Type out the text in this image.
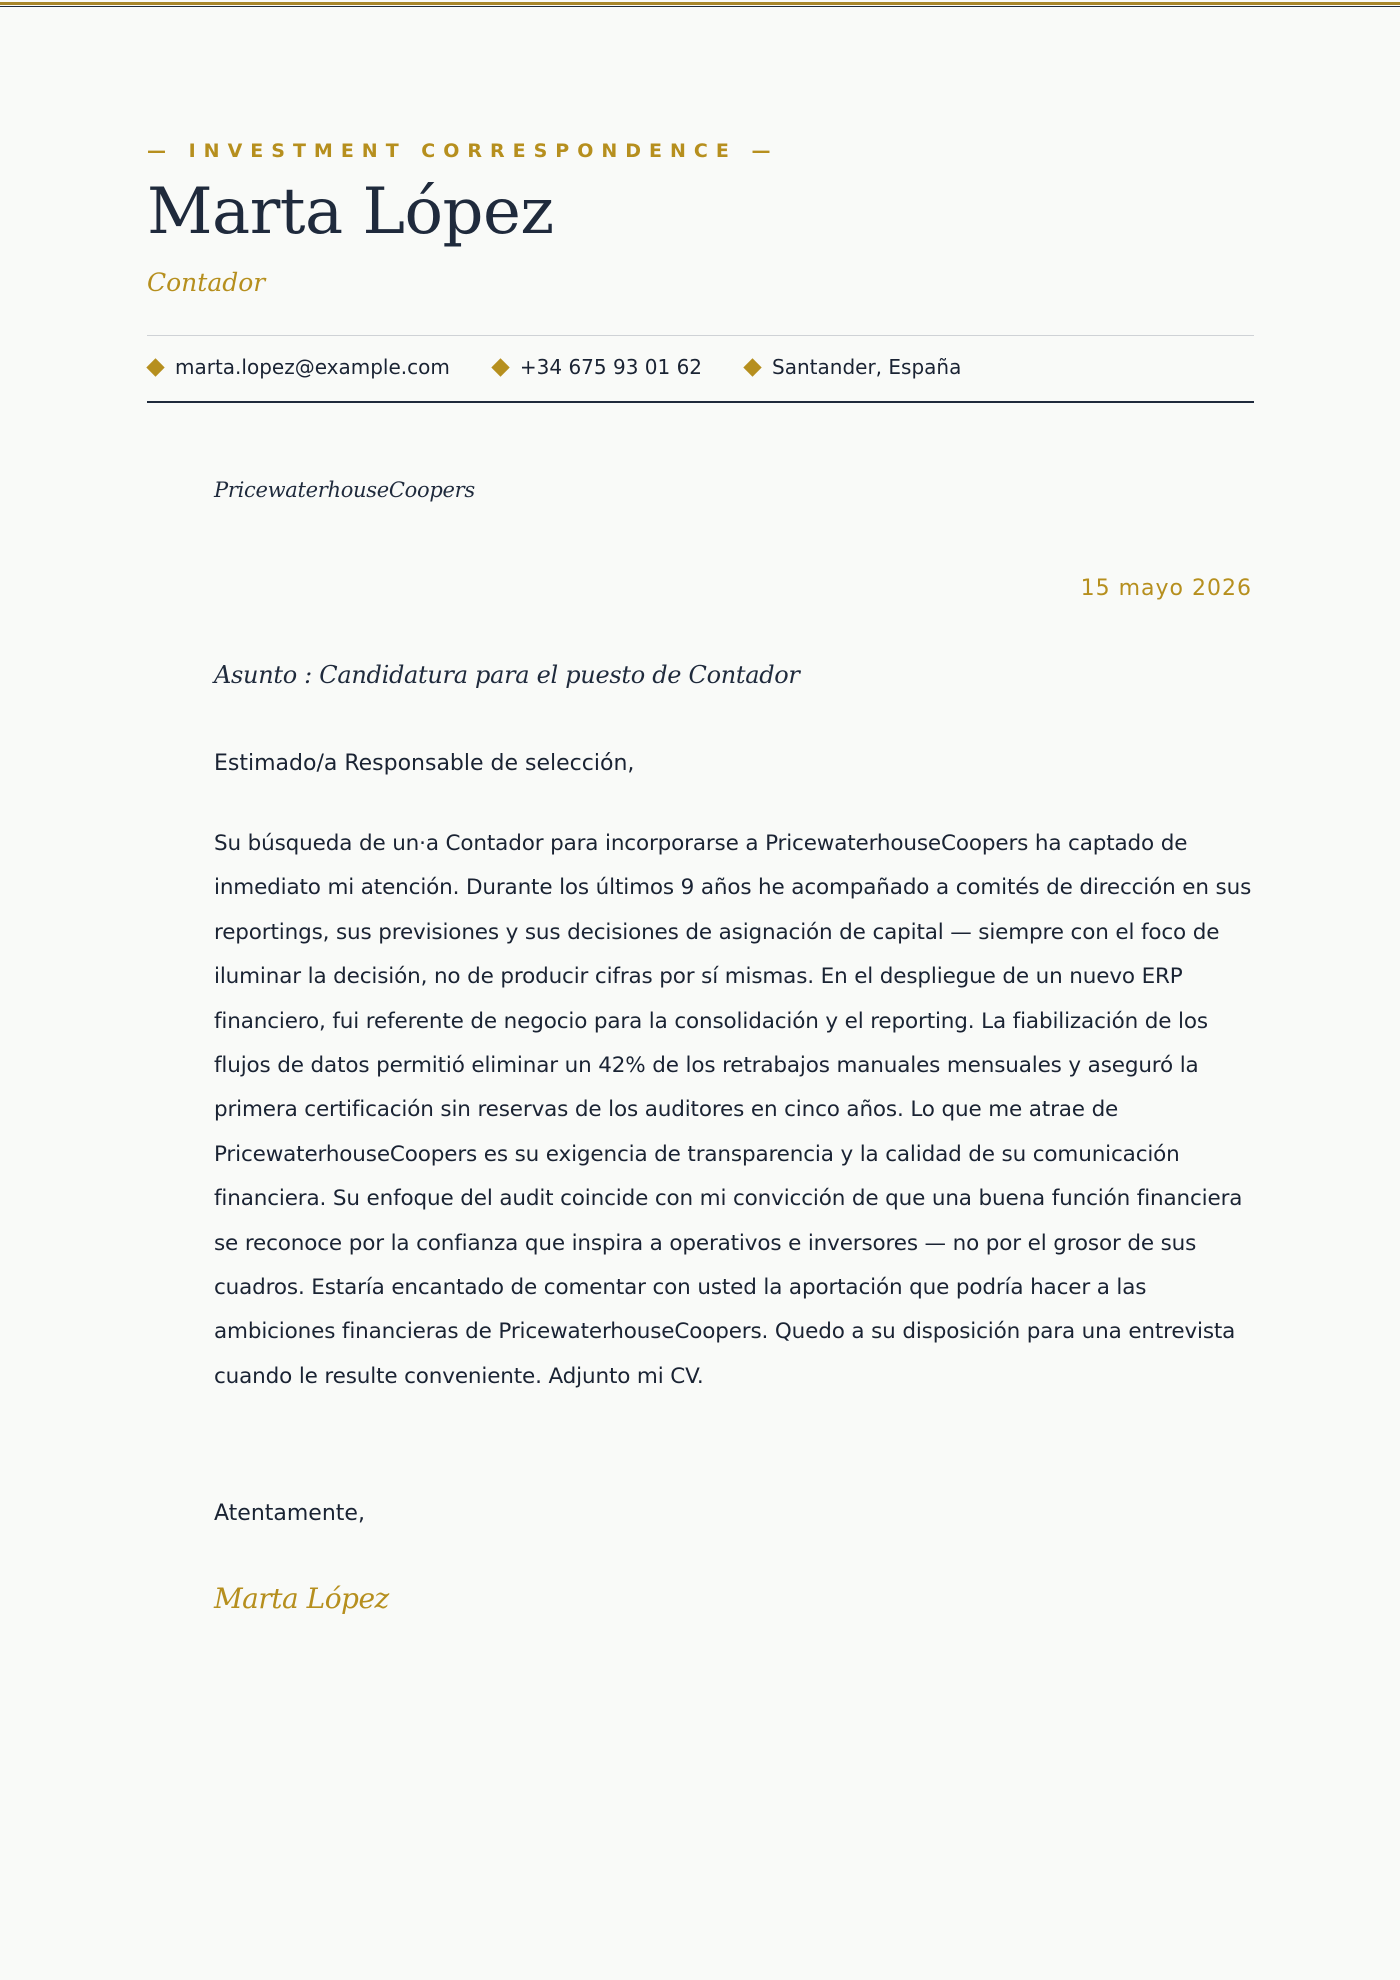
— INVESTMENT CORRESPONDENCE —
Marta López
Contador
marta.lopez@example.com	+34 675 93 01 62	Santander, España
PricewaterhouseCoopers
15 mayo 2026
Asunto : Candidatura para el puesto de Contador
Estimado/a Responsable de selección,
Su búsqueda de un·a Contador para incorporarse a PricewaterhouseCoopers ha captado de inmediato mi atención. Durante los últimos 9 años he acompañado a comités de dirección en sus reportings, sus previsiones y sus decisiones de asignación de capital — siempre con el foco de iluminar la decisión, no de producir cifras por sí mismas. En el despliegue de un nuevo ERP financiero, fui referente de negocio para la consolidación y el reporting. La fiabilización de los flujos de datos permitió eliminar un 42% de los retrabajos manuales mensuales y aseguró la primera certificación sin reservas de los auditores en cinco años. Lo que me atrae de PricewaterhouseCoopers es su exigencia de transparencia y la calidad de su comunicación financiera. Su enfoque del audit coincide con mi convicción de que una buena función financiera se reconoce por la confianza que inspira a operativos e inversores — no por el grosor de sus cuadros. Estaría encantado de comentar con usted la aportación que podría hacer a las ambiciones financieras de PricewaterhouseCoopers. Quedo a su disposición para una entrevista cuando le resulte conveniente. Adjunto mi CV.
Atentamente,
Marta López
